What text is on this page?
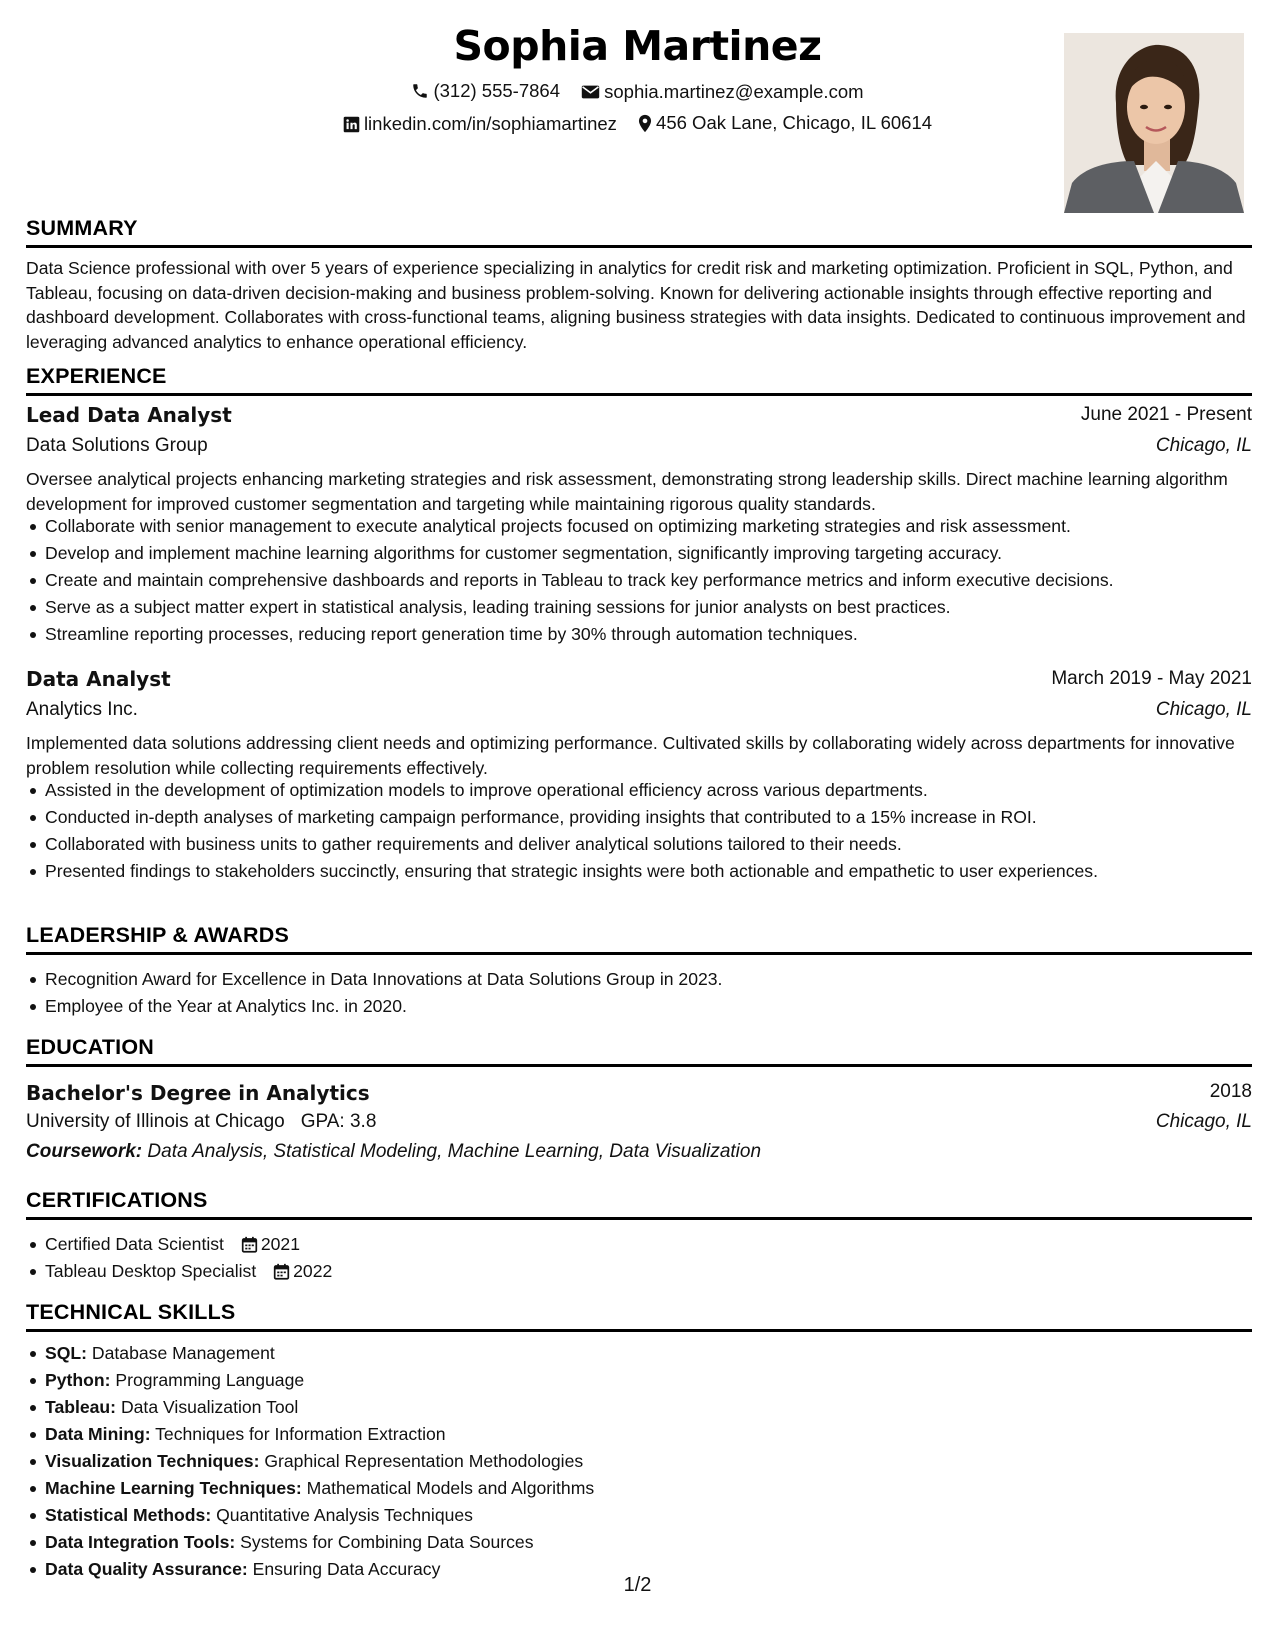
Sophia Martinez
(312) 555-7864
sophia.martinez@example.com
linkedin.com/in/sophiamartinez
456 Oak Lane, Chicago, IL 60614
SUMMARY
Data Science professional with over 5 years of experience specializing in analytics for credit risk and marketing optimization. Proficient in SQL, Python, and Tableau, focusing on data-driven decision-making and business problem-solving. Known for delivering actionable insights through effective reporting and dashboard development. Collaborates with cross-functional teams, aligning business strategies with data insights. Dedicated to continuous improvement and leveraging advanced analytics to enhance operational efficiency.
EXPERIENCE
Lead Data Analyst	June 2021 - Present
Data Solutions Group	Chicago, IL
Oversee analytical projects enhancing marketing strategies and risk assessment, demonstrating strong leadership skills. Direct machine learning algorithm development for improved customer segmentation and targeting while maintaining rigorous quality standards.
Collaborate with senior management to execute analytical projects focused on optimizing marketing strategies and risk assessment.
Develop and implement machine learning algorithms for customer segmentation, significantly improving targeting accuracy.
Create and maintain comprehensive dashboards and reports in Tableau to track key performance metrics and inform executive decisions.
Serve as a subject matter expert in statistical analysis, leading training sessions for junior analysts on best practices.
Streamline reporting processes, reducing report generation time by 30% through automation techniques.
Data Analyst	March 2019 - May 2021
Analytics Inc.	Chicago, IL
Implemented data solutions addressing client needs and optimizing performance. Cultivated skills by collaborating widely across departments for innovative problem resolution while collecting requirements effectively.
Assisted in the development of optimization models to improve operational efficiency across various departments.
Conducted in-depth analyses of marketing campaign performance, providing insights that contributed to a 15% increase in ROI.
Collaborated with business units to gather requirements and deliver analytical solutions tailored to their needs.
Presented findings to stakeholders succinctly, ensuring that strategic insights were both actionable and empathetic to user experiences.
LEADERSHIP & AWARDS
Recognition Award for Excellence in Data Innovations at Data Solutions Group in 2023.
Employee of the Year at Analytics Inc. in 2020.
EDUCATION
Bachelor's Degree in Analytics	2018
University of Illinois at Chicago GPA: 3.8	Chicago, IL
Coursework: Data Analysis, Statistical Modeling, Machine Learning, Data Visualization
CERTIFICATIONS
Certified Data Scientist 2021
Tableau Desktop Specialist 2022
TECHNICAL SKILLS
SQL: Database Management
Python: Programming Language
Tableau: Data Visualization Tool
Data Mining: Techniques for Information Extraction
Visualization Techniques: Graphical Representation Methodologies
Machine Learning Techniques: Mathematical Models and Algorithms
Statistical Methods: Quantitative Analysis Techniques
Data Integration Tools: Systems for Combining Data Sources
Data Quality Assurance: Ensuring Data Accuracy
1/2
